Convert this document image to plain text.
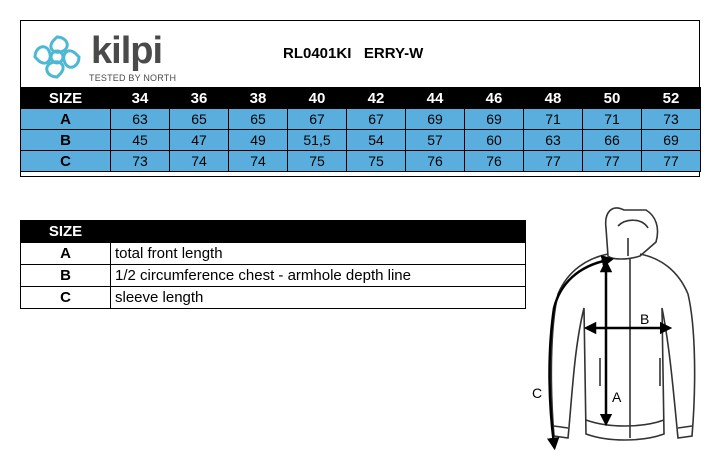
kilpi
TESTED BY NORTH
RL0401KI   ERRY-W
SIZE	34	36	38	40	42	44	46	48	50	52
A	63	65	65	67	67	69	69	71	71	73
B	45	47	49	51,5	54	57	60	63	66	69
C	73	74	74	75	75	76	76	77	77	77
SIZE	
A	total front length
B	1/2 circumference chest - armhole depth line
C	sleeve length
A
B
C
